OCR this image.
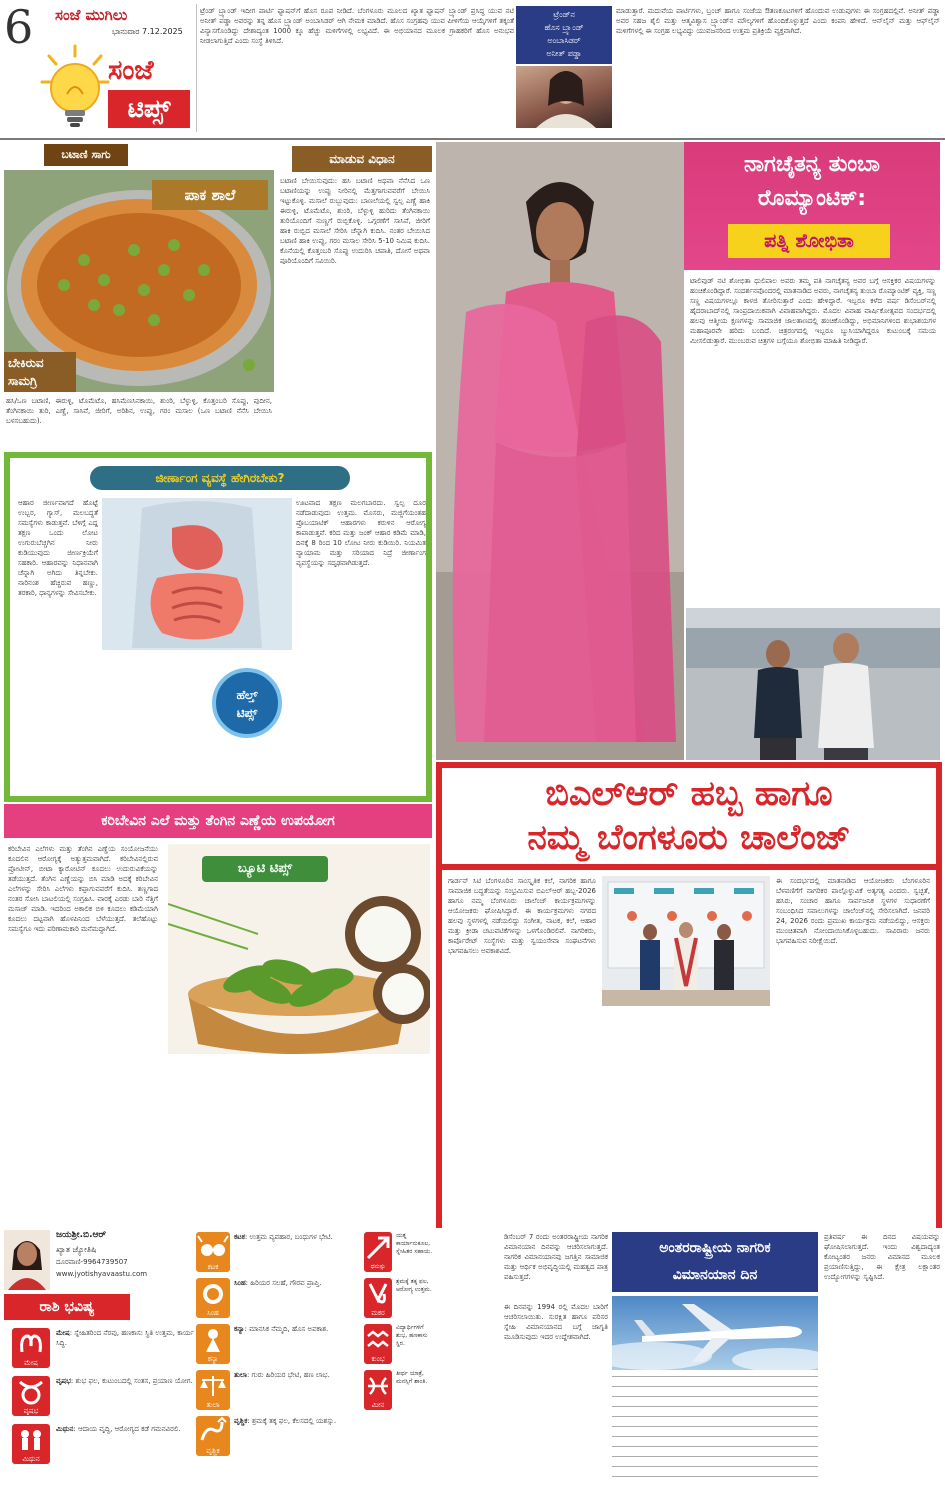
6 ಸಂಜೆ ಮುಗಿಲು
ಭಾನುವಾರ 7.12.2025
ಸಂಜೆ
ಟಿಪ್ಸ್
ಟ್ರೆಂಡ್ ಬ್ರ್ಯಾಂಡ್ ಇದೀಗ ಪಾರ್ಟಿ ಫ್ಯಾಷನ್‌ಗೆ ಹೊಸ ರೂಪ ನೀಡಿದೆ. ಬೆಂಗಳೂರು ಮೂಲದ ಖ್ಯಾತ ಫ್ಯಾಷನ್ ಬ್ರ್ಯಾಂಡ್ ಪ್ರಸಿದ್ಧ ಯುವ ನಟಿ ಅನೀತ್ ಪಡ್ಡಾ ಅವರನ್ನು ತನ್ನ ಹೊಸ ಬ್ರ್ಯಾಂಡ್ ಅಂಬಾಸಿಡರ್ ಆಗಿ ನೇಮಕ ಮಾಡಿದೆ. ಹೊಸ ಸಂಗ್ರಹವು ಯುವ ಪೀಳಿಗೆಯ ಆಯ್ಕೆಗಳಿಗೆ ತಕ್ಕಂತೆ ವಿನ್ಯಾಸಗೊಂಡಿದ್ದು ದೇಶಾದ್ಯಂತ 1000 ಕ್ಕೂ ಹೆಚ್ಚು ಮಳಿಗೆಗಳಲ್ಲಿ ಲಭ್ಯವಿದೆ. ಈ ಅಭಿಯಾನದ ಮೂಲಕ ಗ್ರಾಹಕರಿಗೆ ಹೊಸ ಅನುಭವ ನೀಡಲಾಗುತ್ತಿದೆ ಎಂದು ಸಂಸ್ಥೆ ತಿಳಿಸಿದೆ.
ಟ್ರೆಂಡ್‌ನ
ಹೊಸ ಬ್ರ್ಯಾಂಡ್
ಅಂಬಾಸಿಡರ್
ಅನೀತ್ ಪಡ್ಡಾ
ಮಾಡುತ್ತಾರೆ. ಮದುವೆಯ ಪಾರ್ಟಿಗಳು, ಬ್ರಂಚ್ ಹಾಗೂ ಸಂಜೆಯ ಔತಣಕೂಟಗಳಿಗೆ ಹೊಂದುವ ಉಡುಪುಗಳು ಈ ಸಂಗ್ರಹದಲ್ಲಿವೆ. ಅನೀತ್ ಪಡ್ಡಾ ಅವರ ಸಹಜ ಶೈಲಿ ಮತ್ತು ಆತ್ಮವಿಶ್ವಾಸ ಬ್ರ್ಯಾಂಡ್‌ನ ಮೌಲ್ಯಗಳಿಗೆ ಹೊಂದಿಕೊಳ್ಳುತ್ತದೆ ಎಂದು ಕಂಪನಿ ಹೇಳಿದೆ. ಆನ್‌ಲೈನ್ ಮತ್ತು ಆಫ್‌ಲೈನ್ ಮಳಿಗೆಗಳಲ್ಲಿ ಈ ಸಂಗ್ರಹ ಲಭ್ಯವಿದ್ದು ಯುವಜನರಿಂದ ಉತ್ತಮ ಪ್ರತಿಕ್ರಿಯೆ ವ್ಯಕ್ತವಾಗಿದೆ.
ಬಟಾಣಿ ಸಾಗು	ಮಾಡುವ ವಿಧಾನ
ಪಾಕ ಶಾಲೆ
ಬೇಕಿರುವ
ಸಾಮಗ್ರಿ
ಹಸಿ/ಒಣ ಬಟಾಣಿ, ಈರುಳ್ಳಿ, ಟೊಮೆಟೊ, ಹಸಿಮೆಣಸಿನಕಾಯಿ, ಶುಂಠಿ, ಬೆಳ್ಳುಳ್ಳಿ, ಕೊತ್ತಂಬರಿ ಸೊಪ್ಪು, ಪುದೀನ, ತೆಂಗಿನಕಾಯಿ ತುರಿ, ಎಣ್ಣೆ, ಸಾಸಿವೆ, ಜೀರಿಗೆ, ಅರಿಶಿನ, ಉಪ್ಪು, ಗರಂ ಮಸಾಲ (ಒಣ ಬಟಾಣಿ ನೆನೆಸಿ ಬೇಯಿಸಿ ಬಳಸಬಹುದು).
ಬಟಾಣಿ ಬೇಯಿಸುವುದು: ಹಸಿ ಬಟಾಣಿ ಅಥವಾ ನೆನೆಸಿದ ಒಣ ಬಟಾಣಿಯನ್ನು ಉಪ್ಪು ನೀರಿನಲ್ಲಿ ಮೆತ್ತಗಾಗುವವರೆಗೆ ಬೇಯಿಸಿ ಇಟ್ಟುಕೊಳ್ಳಿ. ಮಸಾಲೆ ರುಬ್ಬುವುದು: ಬಾಣಲೆಯಲ್ಲಿ ಸ್ವಲ್ಪ ಎಣ್ಣೆ ಹಾಕಿ ಈರುಳ್ಳಿ, ಟೊಮೆಟೊ, ಶುಂಠಿ, ಬೆಳ್ಳುಳ್ಳಿ ಹುರಿದು ತೆಂಗಿನಕಾಯಿ ತುರಿಯೊಂದಿಗೆ ನುಣ್ಣಗೆ ರುಬ್ಬಿಕೊಳ್ಳಿ. ಒಗ್ಗರಣೆಗೆ ಸಾಸಿವೆ, ಜೀರಿಗೆ ಹಾಕಿ ರುಬ್ಬಿದ ಮಸಾಲೆ ಸೇರಿಸಿ ಚೆನ್ನಾಗಿ ಕುದಿಸಿ. ನಂತರ ಬೇಯಿಸಿದ ಬಟಾಣಿ ಹಾಕಿ ಉಪ್ಪು, ಗರಂ ಮಸಾಲ ಸೇರಿಸಿ 5-10 ನಿಮಿಷ ಕುದಿಸಿ. ಕೊನೆಯಲ್ಲಿ ಕೊತ್ತಂಬರಿ ಸೊಪ್ಪು ಉದುರಿಸಿ ಚಪಾತಿ, ದೋಸೆ ಅಥವಾ ಪೂರಿಯೊಂದಿಗೆ ಸವಿಯಿರಿ.
ಜೀರ್ಣಾಂಗ ವ್ಯವಸ್ಥೆ ಹೇಗಿರಬೇಕು?
ಆಹಾರ ಜೀರ್ಣವಾಗದೆ ಹೊಟ್ಟೆ ಉಬ್ಬರ, ಗ್ಯಾಸ್, ಮಲಬದ್ಧತೆ ಸಮಸ್ಯೆಗಳು ಕಾಡುತ್ತವೆ. ಬೆಳಿಗ್ಗೆ ಎದ್ದ ತಕ್ಷಣ ಒಂದು ಲೋಟ ಉಗುರುಬೆಚ್ಚಗಿನ ನೀರು ಕುಡಿಯುವುದು ಜೀರ್ಣಕ್ರಿಯೆಗೆ ಸಹಕಾರಿ. ಆಹಾರವನ್ನು ನಿಧಾನವಾಗಿ ಚೆನ್ನಾಗಿ ಅಗಿದು ತಿನ್ನಬೇಕು. ನಾರಿನಂಶ ಹೆಚ್ಚಿರುವ ಹಣ್ಣು, ತರಕಾರಿ, ಧಾನ್ಯಗಳನ್ನು ಸೇವಿಸಬೇಕು.
ಹೆಲ್ತ್
ಟಿಪ್ಸ್
ಊಟವಾದ ತಕ್ಷಣ ಮಲಗಬಾರದು. ಸ್ವಲ್ಪ ದೂರ ನಡೆದಾಡುವುದು ಉತ್ತಮ. ಮೊಸರು, ಮಜ್ಜಿಗೆಯಂತಹ ಪ್ರೊಬಯಾಟಿಕ್ ಆಹಾರಗಳು ಕರುಳಿನ ಆರೋಗ್ಯ ಕಾಪಾಡುತ್ತವೆ. ಕರಿದ ಮತ್ತು ಜಂಕ್ ಆಹಾರ ಕಡಿಮೆ ಮಾಡಿ, ದಿನಕ್ಕೆ 8 ರಿಂದ 10 ಲೋಟ ನೀರು ಕುಡಿಯಿರಿ. ನಿಯಮಿತ ವ್ಯಾಯಾಮ ಮತ್ತು ಸರಿಯಾದ ನಿದ್ರೆ ಜೀರ್ಣಾಂಗ ವ್ಯವಸ್ಥೆಯನ್ನು ಸದೃಢವಾಗಿಡುತ್ತದೆ.
ನಾಗಚೈತನ್ಯ ತುಂಬಾ
ರೊಮ್ಯಾಂಟಿಕ್:
ಪತ್ನಿ ಶೋಭಿತಾ
ಟಾಲಿವುಡ್ ನಟಿ ಶೋಭಿತಾ ಧುಲಿಪಾಲ ಅವರು ತಮ್ಮ ಪತಿ ನಾಗಚೈತನ್ಯ ಅವರ ಬಗ್ಗೆ ಆಸಕ್ತಿಕರ ವಿಷಯಗಳನ್ನು ಹಂಚಿಕೊಂಡಿದ್ದಾರೆ. ಸಂದರ್ಶನವೊಂದರಲ್ಲಿ ಮಾತನಾಡಿದ ಅವರು, ನಾಗಚೈತನ್ಯ ತುಂಬಾ ರೊಮ್ಯಾಂಟಿಕ್ ವ್ಯಕ್ತಿ, ಸಣ್ಣ ಸಣ್ಣ ವಿಷಯಗಳಲ್ಲೂ ಕಾಳಜಿ ತೋರಿಸುತ್ತಾರೆ ಎಂದು ಹೇಳಿದ್ದಾರೆ. ಇಬ್ಬರೂ ಕಳೆದ ವರ್ಷ ಡಿಸೆಂಬರ್‌ನಲ್ಲಿ ಹೈದರಾಬಾದ್‌ನಲ್ಲಿ ಸಾಂಪ್ರದಾಯಿಕವಾಗಿ ವಿವಾಹವಾಗಿದ್ದರು. ಮೊದಲ ವಿವಾಹ ವಾರ್ಷಿಕೋತ್ಸವದ ಸಂದರ್ಭದಲ್ಲಿ ಹಲವು ಆತ್ಮೀಯ ಕ್ಷಣಗಳನ್ನು ಸಾಮಾಜಿಕ ಜಾಲತಾಣದಲ್ಲಿ ಹಂಚಿಕೊಂಡಿದ್ದು, ಅಭಿಮಾನಿಗಳಿಂದ ಶುಭಾಶಯಗಳ ಮಹಾಪೂರವೇ ಹರಿದು ಬಂದಿದೆ. ಚಿತ್ರರಂಗದಲ್ಲಿ ಇಬ್ಬರೂ ಬ್ಯುಸಿಯಾಗಿದ್ದರೂ ಕುಟುಂಬಕ್ಕೆ ಸಮಯ ಮೀಸಲಿಡುತ್ತಾರೆ. ಮುಂಬರುವ ಚಿತ್ರಗಳ ಬಗ್ಗೆಯೂ ಶೋಭಿತಾ ಮಾಹಿತಿ ನೀಡಿದ್ದಾರೆ.
ಬಿಎಲ್‌ಆರ್ ಹಬ್ಬ ಹಾಗೂ
ನಮ್ಮ ಬೆಂಗಳೂರು ಚಾಲೆಂಜ್
ಗಾರ್ಡನ್ ಸಿಟಿ ಬೆಂಗಳೂರಿನ ಸಾಂಸ್ಕೃತಿಕ ಕಲೆ, ನಾಗರಿಕ ಹಾಗೂ ಸಾಮಾಜಿಕ ಬದ್ಧತೆಯನ್ನು ಸಂಭ್ರಮಿಸುವ ಬಿಎಲ್‌ಆರ್ ಹಬ್ಬ-2026 ಹಾಗೂ ನಮ್ಮ ಬೆಂಗಳೂರು ಚಾಲೆಂಜ್ ಕಾರ್ಯಕ್ರಮಗಳನ್ನು ಆಯೋಜಕರು ಘೋಷಿಸಿದ್ದಾರೆ. ಈ ಕಾರ್ಯಕ್ರಮಗಳು ನಗರದ ಹಲವು ಸ್ಥಳಗಳಲ್ಲಿ ನಡೆಯಲಿದ್ದು ಸಂಗೀತ, ನಾಟಕ, ಕಲೆ, ಆಹಾರ ಮತ್ತು ಕ್ರೀಡಾ ಚಟುವಟಿಕೆಗಳನ್ನು ಒಳಗೊಂಡಿರಲಿವೆ. ನಾಗರಿಕರು, ಕಾರ್ಪೊರೇಟ್ ಸಂಸ್ಥೆಗಳು ಮತ್ತು ಸ್ವಯಂಸೇವಾ ಸಂಘಟನೆಗಳು ಭಾಗವಹಿಸಲು ಅವಕಾಶವಿದೆ.
ಈ ಸಂದರ್ಭದಲ್ಲಿ ಮಾತನಾಡಿದ ಆಯೋಜಕರು ಬೆಂಗಳೂರಿನ ಬೆಳವಣಿಗೆಗೆ ನಾಗರಿಕರ ಪಾಲ್ಗೊಳ್ಳುವಿಕೆ ಅತ್ಯಗತ್ಯ ಎಂದರು. ಸ್ವಚ್ಛತೆ, ಹಸಿರು, ಸಂಚಾರ ಹಾಗೂ ಸಾರ್ವಜನಿಕ ಸ್ಥಳಗಳ ಸುಧಾರಣೆಗೆ ಸಂಬಂಧಿಸಿದ ಸವಾಲುಗಳನ್ನು ಚಾಲೆಂಜ್‌ನಲ್ಲಿ ಸೇರಿಸಲಾಗಿದೆ. ಜನವರಿ 24, 2026 ರಂದು ಪ್ರಮುಖ ಕಾರ್ಯಕ್ರಮ ನಡೆಯಲಿದ್ದು, ಆಸಕ್ತರು ಮುಂಚಿತವಾಗಿ ನೋಂದಾಯಿಸಿಕೊಳ್ಳಬಹುದು. ಸಾವಿರಾರು ಜನರು ಭಾಗವಹಿಸುವ ನಿರೀಕ್ಷೆಯಿದೆ.
ಕರಿಬೇವಿನ ಎಲೆ ಮತ್ತು ತೆಂಗಿನ ಎಣ್ಣೆಯ ಉಪಯೋಗ
ಕರಿಬೇವಿನ ಎಲೆಗಳು ಮತ್ತು ತೆಂಗಿನ ಎಣ್ಣೆಯ ಸಂಯೋಜನೆಯು ಕೂದಲಿನ ಆರೋಗ್ಯಕ್ಕೆ ಅತ್ಯುತ್ತಮವಾಗಿದೆ. ಕರಿಬೇವಿನಲ್ಲಿರುವ ಪ್ರೋಟೀನ್, ಬೀಟಾ ಕ್ಯಾರೋಟಿನ್ ಕೂದಲು ಉದುರುವಿಕೆಯನ್ನು ತಡೆಯುತ್ತದೆ. ತೆಂಗಿನ ಎಣ್ಣೆಯನ್ನು ಬಿಸಿ ಮಾಡಿ ಅದಕ್ಕೆ ಕರಿಬೇವಿನ ಎಲೆಗಳನ್ನು ಸೇರಿಸಿ ಎಲೆಗಳು ಕಪ್ಪಾಗುವವರೆಗೆ ಕುದಿಸಿ. ತಣ್ಣಗಾದ ನಂತರ ಸೋಸಿ ಬಾಟಲಿಯಲ್ಲಿ ಸಂಗ್ರಹಿಸಿ. ವಾರಕ್ಕೆ ಎರಡು ಬಾರಿ ನೆತ್ತಿಗೆ ಮಸಾಜ್ ಮಾಡಿ. ಇದರಿಂದ ಅಕಾಲಿಕ ಬಿಳಿ ಕೂದಲು ಕಡಿಮೆಯಾಗಿ ಕೂದಲು ದಟ್ಟವಾಗಿ ಹೊಳಪಿನಿಂದ ಬೆಳೆಯುತ್ತದೆ. ತಲೆಹೊಟ್ಟು ಸಮಸ್ಯೆಗೂ ಇದು ಪರಿಣಾಮಕಾರಿ ಮನೆಮದ್ದಾಗಿದೆ.
ಬ್ಯೂಟಿ ಟಿಪ್ಸ್
ಜಯಶ್ರೀ.ಬಿ.ಆರ್
ಖ್ಯಾತ ಜ್ಯೋತಿಷಿ
ದೂರವಾಣಿ-9964739507
www.jyotishyavaastu.com
ರಾಶಿ ಭವಿಷ್ಯ
ಮೇಷ
ವೃಷಭ
ಮಿಥುನ
ಮೇಷ: ಸ್ನೇಹಿತರಿಂದ ನೆರವು, ಹಣಕಾಸು ಸ್ಥಿತಿ ಉತ್ತಮ, ಕಾರ್ಯ ಸಿದ್ಧಿ.
ವೃಷಭ: ಶುಭ ಫಲ, ಕುಟುಂಬದಲ್ಲಿ ಸಂತಸ, ಪ್ರಯಾಣ ಯೋಗ.
ಮಿಥುನ: ಆದಾಯ ವೃದ್ಧಿ, ಆರೋಗ್ಯದ ಕಡೆ ಗಮನವಿರಲಿ.
ಕಟಕ
ಸಿಂಹ
ಕನ್ಯಾ
ತುಲಾ
ವೃಶ್ಚಿಕ
ಕಟಕ: ಉತ್ತಮ ವ್ಯವಹಾರ, ಬಂಧುಗಳ ಭೇಟಿ.
ಸಿಂಹ: ಹಿರಿಯರ ಸಲಹೆ, ಗೌರವ ಪ್ರಾಪ್ತಿ.
ಕನ್ಯಾ: ಮಾನಸಿಕ ನೆಮ್ಮದಿ, ಹೊಸ ಅವಕಾಶ.
ತುಲಾ: ಗುರು ಹಿರಿಯರ ಭೇಟಿ, ಹಣ ಲಾಭ.
ವೃಶ್ಚಿಕ: ಶ್ರಮಕ್ಕೆ ತಕ್ಕ ಫಲ, ಕೆಲಸದಲ್ಲಿ ಯಶಸ್ಸು.
ಧನುಸ್ಸು
ಮಕರ
ಕುಂಭ
ಮೀನ
ಯತ್ನ ಕಾರ್ಯಾನುಕೂಲ, ಸ್ನೇಹಿತರ ಸಹಾಯ.
ಶ್ರಮಕ್ಕೆ ತಕ್ಕ ಫಲ, ಆರೋಗ್ಯ ಉತ್ತಮ.
ವಿದ್ಯಾರ್ಥಿಗಳಿಗೆ ಶುಭ, ಹಣಕಾಸು ಸ್ಥಿರ.
ತೀರ್ಥ ಯಾತ್ರೆ, ಮನಸ್ಸಿಗೆ ಶಾಂತಿ.
ಡಿಸೆಂಬರ್ 7 ರಂದು ಅಂತರರಾಷ್ಟ್ರೀಯ ನಾಗರಿಕ ವಿಮಾನಯಾನ ದಿನವನ್ನು ಆಚರಿಸಲಾಗುತ್ತದೆ. ನಾಗರಿಕ ವಿಮಾನಯಾನವು ಜಗತ್ತಿನ ಸಾಮಾಜಿಕ ಮತ್ತು ಆರ್ಥಿಕ ಅಭಿವೃದ್ಧಿಯಲ್ಲಿ ಮಹತ್ವದ ಪಾತ್ರ ವಹಿಸುತ್ತದೆ.
ಅಂತರರಾಷ್ಟ್ರೀಯ ನಾಗರಿಕ
ವಿಮಾನಯಾನ ದಿನ
ಈ ದಿನವನ್ನು 1994 ರಲ್ಲಿ ಮೊದಲ ಬಾರಿಗೆ ಆಚರಿಸಲಾಯಿತು. ಸುರಕ್ಷಿತ ಹಾಗೂ ಪರಿಸರ ಸ್ನೇಹಿ ವಿಮಾನಯಾನದ ಬಗ್ಗೆ ಜಾಗೃತಿ ಮೂಡಿಸುವುದು ಇದರ ಉದ್ದೇಶವಾಗಿದೆ.
ಪ್ರತಿವರ್ಷ ಈ ದಿನದ ವಿಷಯವನ್ನು ಘೋಷಿಸಲಾಗುತ್ತದೆ. ಇಂದು ವಿಶ್ವದಾದ್ಯಂತ ಕೋಟ್ಯಂತರ ಜನರು ವಿಮಾನದ ಮೂಲಕ ಪ್ರಯಾಣಿಸುತ್ತಿದ್ದು, ಈ ಕ್ಷೇತ್ರ ಲಕ್ಷಾಂತರ ಉದ್ಯೋಗಗಳನ್ನು ಸೃಷ್ಟಿಸಿದೆ.
